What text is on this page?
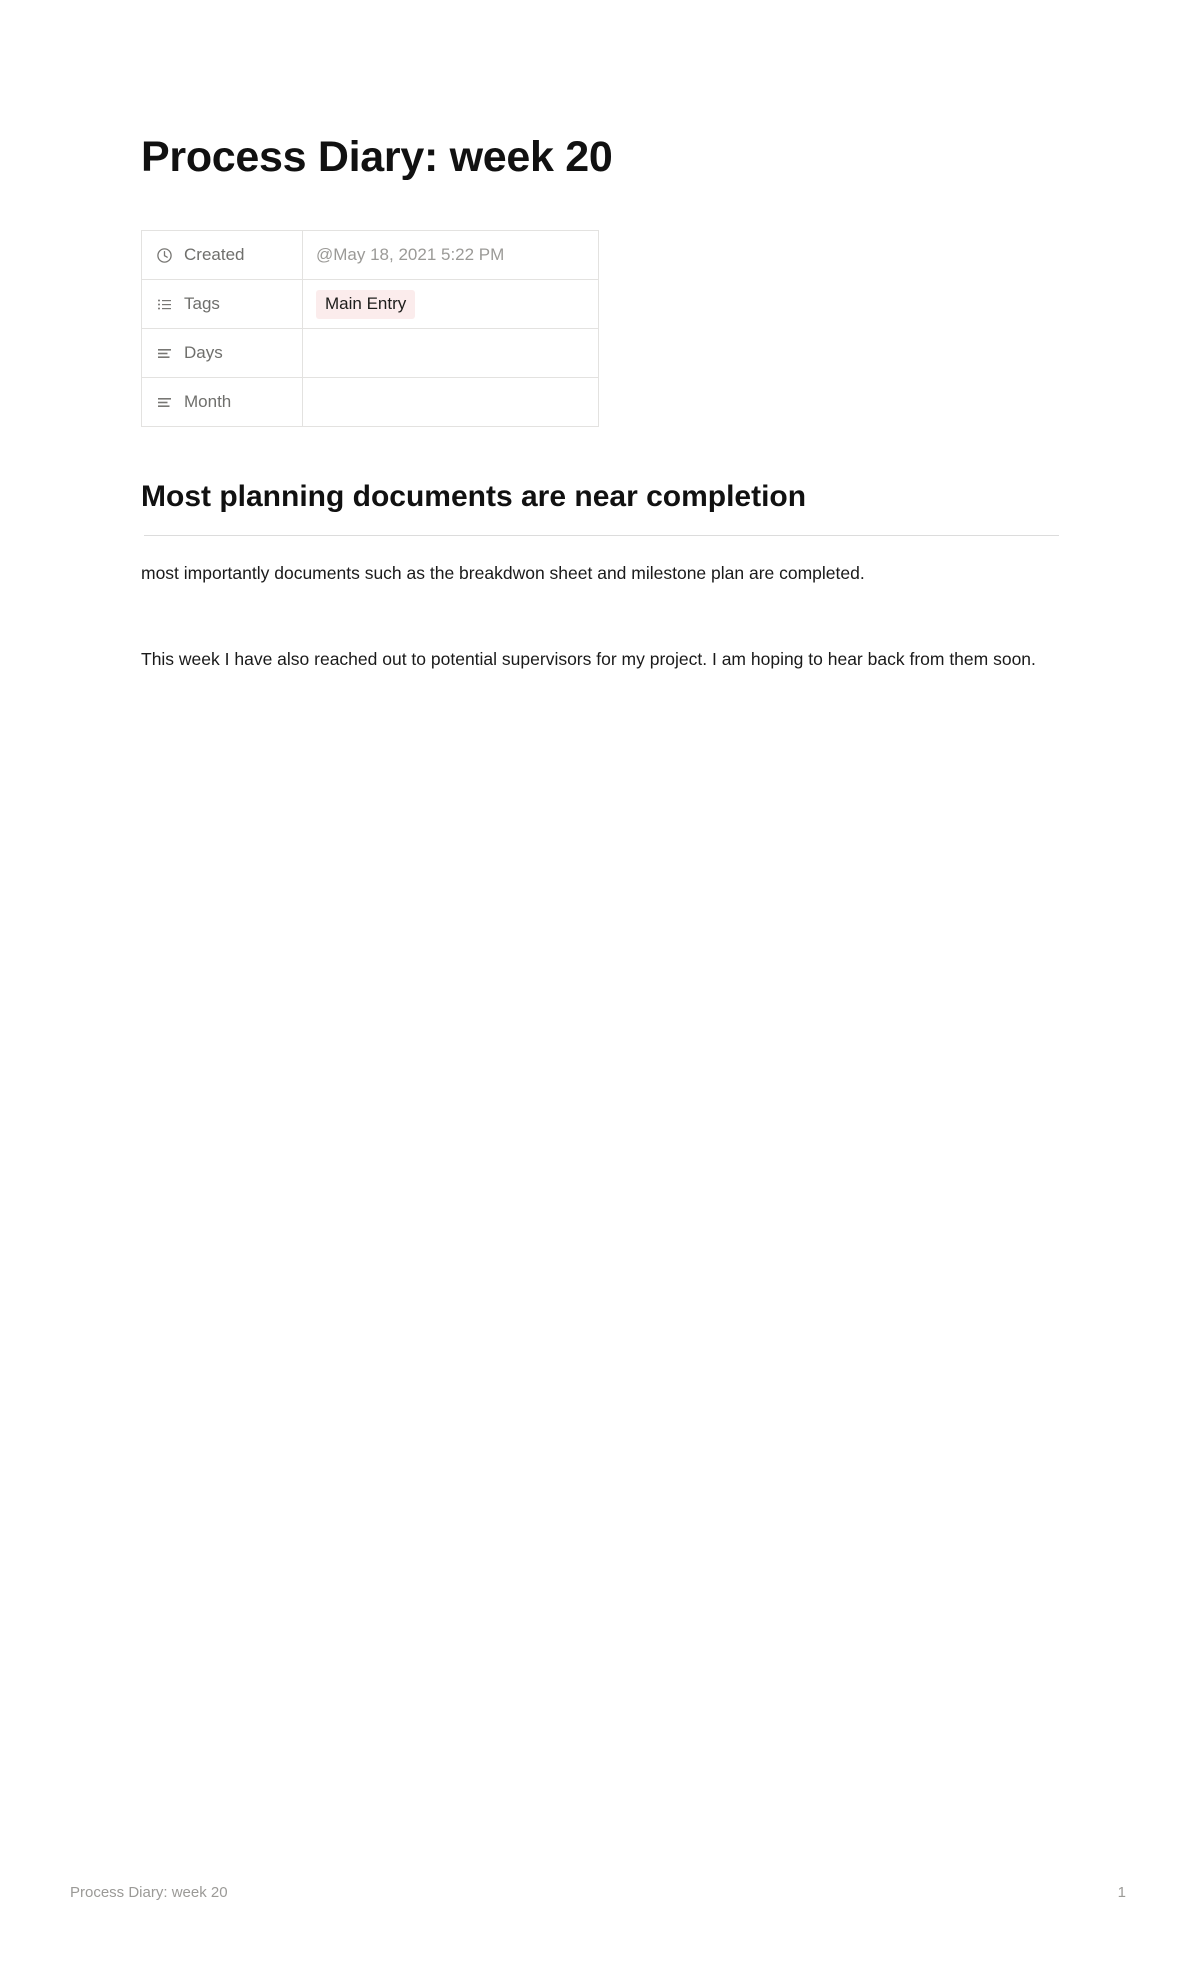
Process Diary: week 20
Created	@May 18, 2021 5:22 PM

Tags	Main Entry

Days	

Month	

Most planning documents are near completion

most importantly documents such as the breakdwon sheet and milestone plan are completed.

This week I have also reached out to potential supervisors for my project. I am hoping to hear back from them soon.

Process Diary: week 20	1
